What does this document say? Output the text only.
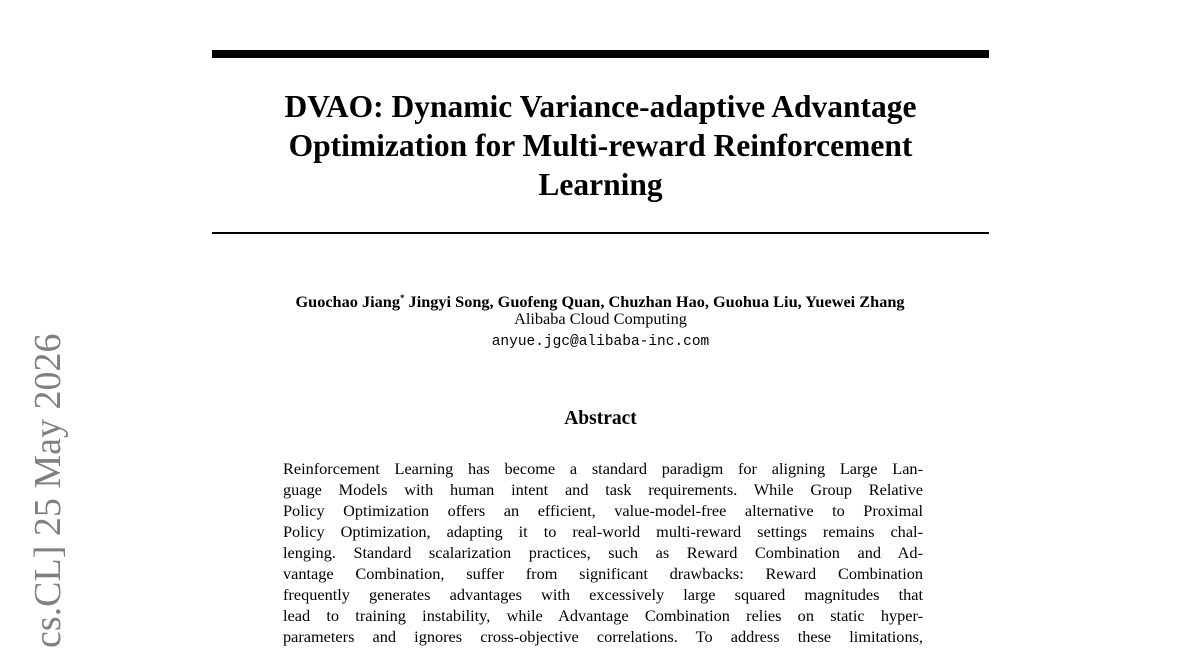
cs.CL] 25 May 2026
DVAO: Dynamic Variance-adaptive Advantage
Optimization for Multi-reward Reinforcement
Learning
Guochao Jiang* Jingyi Song, Guofeng Quan, Chuzhan Hao, Guohua Liu, Yuewei Zhang
Alibaba Cloud Computing
anyue.jgc@alibaba-inc.com
Abstract
Reinforcement Learning has become a standard paradigm for aligning Large Lan-
guage Models with human intent and task requirements. While Group Relative
Policy Optimization offers an efficient, value-model-free alternative to Proximal
Policy Optimization, adapting it to real-world multi-reward settings remains chal-
lenging. Standard scalarization practices, such as Reward Combination and Ad-
vantage Combination, suffer from significant drawbacks: Reward Combination
frequently generates advantages with excessively large squared magnitudes that
lead to training instability, while Advantage Combination relies on static hyper-
parameters and ignores cross-objective correlations. To address these limitations,
